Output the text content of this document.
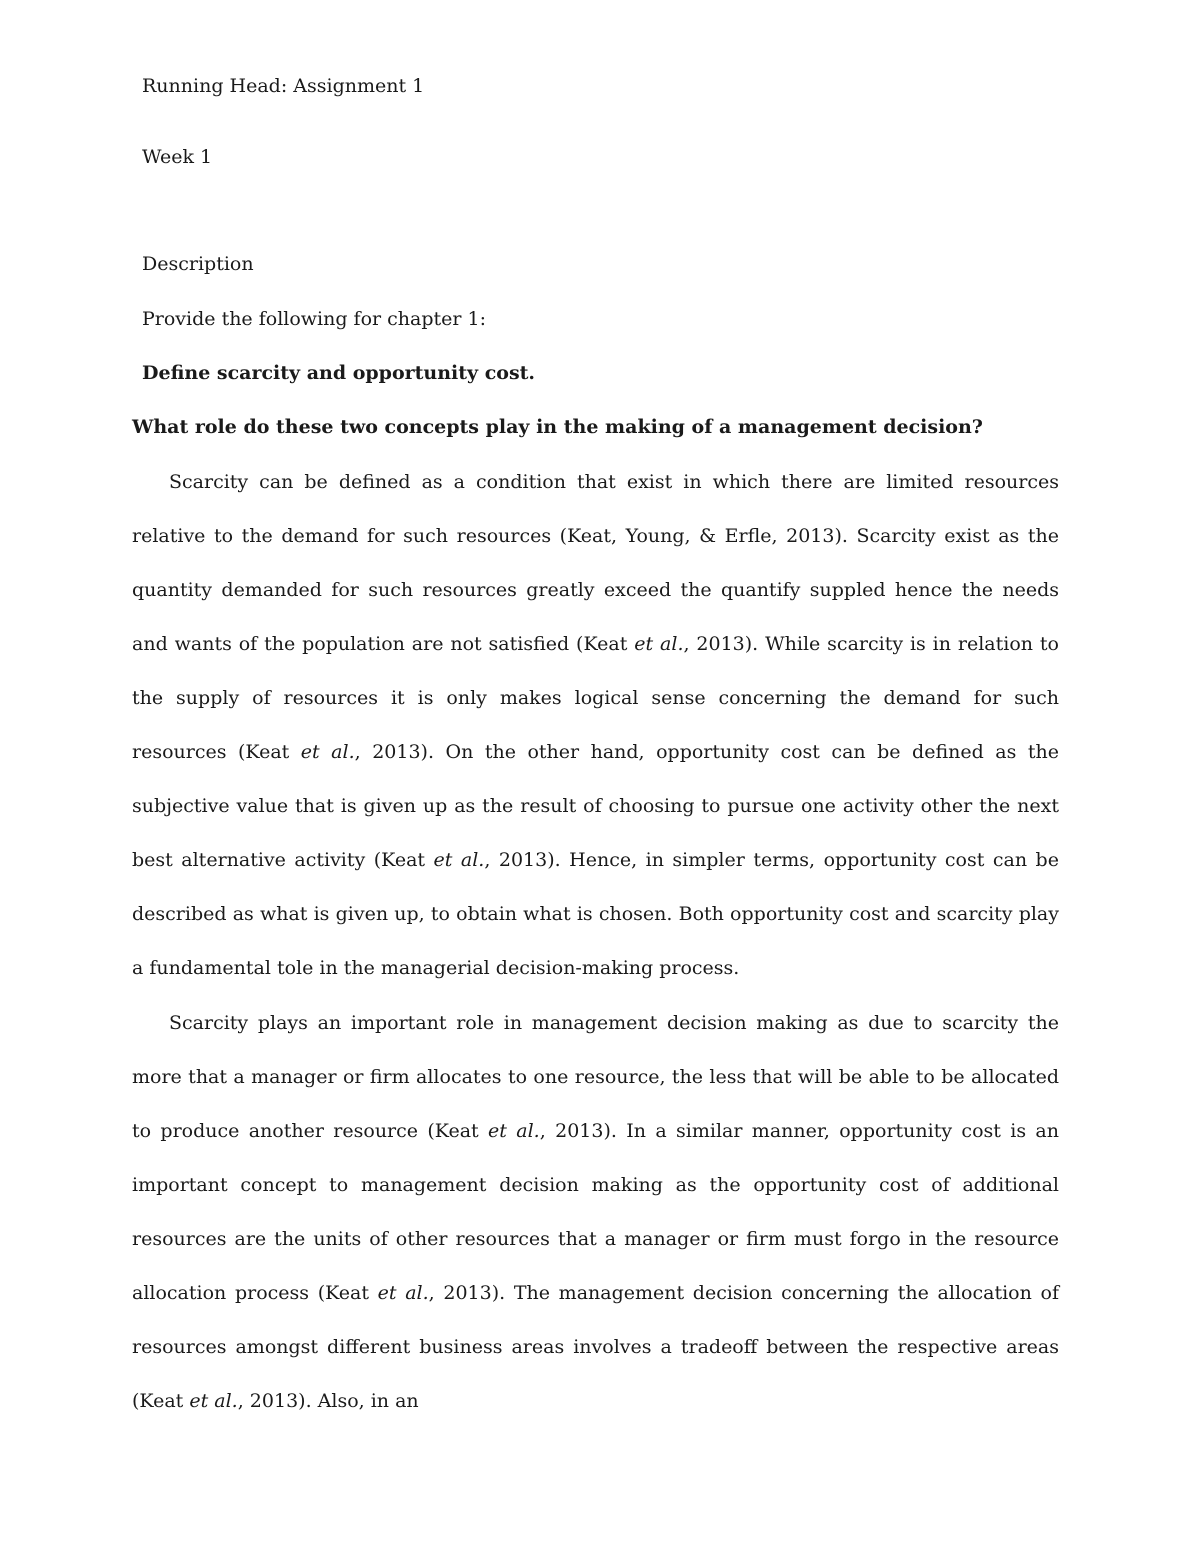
Running Head: Assignment 1
Week 1
Description
Provide the following for chapter 1:
Define scarcity and opportunity cost.
What role do these two concepts play in the making of a management decision?

Scarcity can be defined as a condition that exist in which there are limited resources relative to the demand for such resources (Keat, Young, & Erfle, 2013). Scarcity exist as the quantity demanded for such resources greatly exceed the quantify suppled hence the needs and wants of the population are not satisfied (Keat et al., 2013). While scarcity is in relation to the supply of resources it is only makes logical sense concerning the demand for such resources (Keat et al., 2013). On the other hand, opportunity cost can be defined as the subjective value that is given up as the result of choosing to pursue one activity other the next best alternative activity (Keat et al., 2013). Hence, in simpler terms, opportunity cost can be described as what is given up, to obtain what is chosen. Both opportunity cost and scarcity play a fundamental tole in the managerial decision-making process.

Scarcity plays an important role in management decision making as due to scarcity the more that a manager or firm allocates to one resource, the less that will be able to be allocated to produce another resource (Keat et al., 2013). In a similar manner, opportunity cost is an important concept to management decision making as the opportunity cost of additional resources are the units of other resources that a manager or firm must forgo in the resource allocation process (Keat et al., 2013). The management decision concerning the allocation of resources amongst different business areas involves a tradeoff between the respective areas (Keat et al., 2013). Also, in an
